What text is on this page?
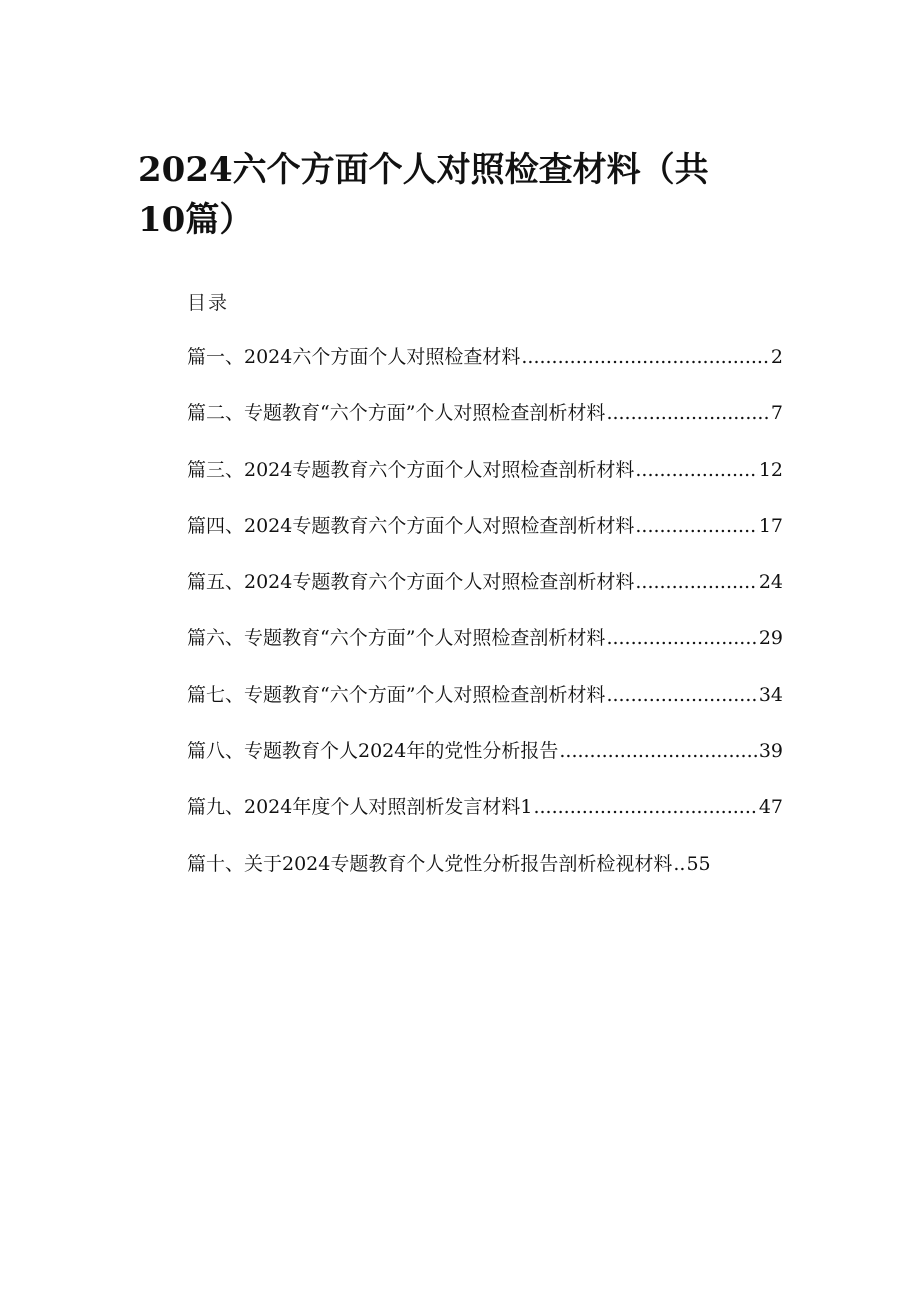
2024六个方面个人对照检查材料（共10篇）
目录
篇一、2024六个方面个人对照检查材料 .....	2
篇二、专题教育“六个方面”个人对照检查剖析材料 .....	7
篇三、2024专题教育六个方面个人对照检查剖析材料 .....	12
篇四、2024专题教育六个方面个人对照检查剖析材料 .....	17
篇五、2024专题教育六个方面个人对照检查剖析材料 .....	24
篇六、专题教育“六个方面”个人对照检查剖析材料 .....	29
篇七、专题教育“六个方面”个人对照检查剖析材料 .....	34
篇八、专题教育个人2024年的党性分析报告 .....	39
篇九、2024年度个人对照剖析发言材料1 .....	47
篇十、关于2024专题教育个人党性分析报告剖析检视材料 .. 55
